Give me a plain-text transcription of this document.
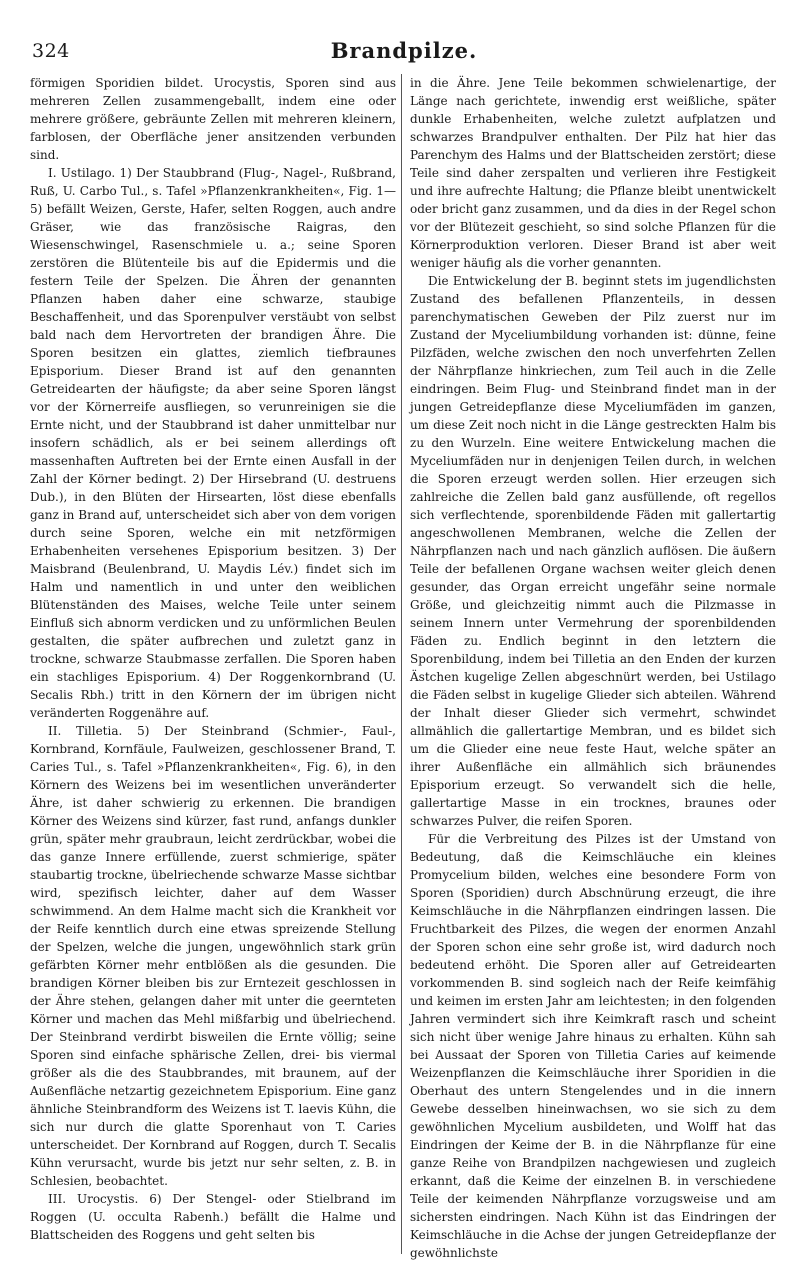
324	Brandpilze.

förmigen Sporidien bildet. Urocystis, Sporen sind aus mehreren Zellen zusammengeballt, indem eine oder mehrere größere, gebräunte Zellen mit mehreren kleinern, farblosen, der Oberfläche jener ansitzenden verbunden sind.

I. Ustilago. 1) Der Staubbrand (Flug-, Nagel-, Rußbrand, Ruß, U. Carbo Tul., s. Tafel »Pflanzenkrankheiten«, Fig. 1—5) befällt Weizen, Gerste, Hafer, selten Roggen, auch andre Gräser, wie das französische Raigras, den Wiesenschwingel, Rasenschmiele u. a.; seine Sporen zerstören die Blütenteile bis auf die Epidermis und die festern Teile der Spelzen. Die Ähren der genannten Pflanzen haben daher eine schwarze, staubige Beschaffenheit, und das Sporenpulver verstäubt von selbst bald nach dem Hervortreten der brandigen Ähre. Die Sporen besitzen ein glattes, ziemlich tiefbraunes Episporium. Dieser Brand ist auf den genannten Getreidearten der häufigste; da aber seine Sporen längst vor der Körnerreife ausfliegen, so verunreinigen sie die Ernte nicht, und der Staubbrand ist daher unmittelbar nur insofern schädlich, als er bei seinem allerdings oft massenhaften Auftreten bei der Ernte einen Ausfall in der Zahl der Körner bedingt. 2) Der Hirsebrand (U. destruens Dub.), in den Blüten der Hirsearten, löst diese ebenfalls ganz in Brand auf, unterscheidet sich aber von dem vorigen durch seine Sporen, welche ein mit netzförmigen Erhabenheiten versehenes Episporium besitzen. 3) Der Maisbrand (Beulenbrand, U. Maydis Lév.) findet sich im Halm und namentlich in und unter den weiblichen Blütenständen des Maises, welche Teile unter seinem Einfluß sich abnorm verdicken und zu unförmlichen Beulen gestalten, die später aufbrechen und zuletzt ganz in trockne, schwarze Staubmasse zerfallen. Die Sporen haben ein stachliges Episporium. 4) Der Roggenkornbrand (U. Secalis Rbh.) tritt in den Körnern der im übrigen nicht veränderten Roggenähre auf.

II. Tilletia. 5) Der Steinbrand (Schmier-, Faul-, Kornbrand, Kornfäule, Faulweizen, geschlossener Brand, T. Caries Tul., s. Tafel »Pflanzenkrankheiten«, Fig. 6), in den Körnern des Weizens bei im wesentlichen unveränderter Ähre, ist daher schwierig zu erkennen. Die brandigen Körner des Weizens sind kürzer, fast rund, anfangs dunkler grün, später mehr graubraun, leicht zerdrückbar, wobei die das ganze Innere erfüllende, zuerst schmierige, später staubartig trockne, übelriechende schwarze Masse sichtbar wird, spezifisch leichter, daher auf dem Wasser schwimmend. An dem Halme macht sich die Krankheit vor der Reife kenntlich durch eine etwas spreizende Stellung der Spelzen, welche die jungen, ungewöhnlich stark grün gefärbten Körner mehr entblößen als die gesunden. Die brandigen Körner bleiben bis zur Erntezeit geschlossen in der Ähre stehen, gelangen daher mit unter die geernteten Körner und machen das Mehl mißfarbig und übelriechend. Der Steinbrand verdirbt bisweilen die Ernte völlig; seine Sporen sind einfache sphärische Zellen, drei- bis viermal größer als die des Staubbrandes, mit braunem, auf der Außenfläche netzartig gezeichnetem Episporium. Eine ganz ähnliche Steinbrandform des Weizens ist T. laevis Kühn, die sich nur durch die glatte Sporenhaut von T. Caries unterscheidet. Der Kornbrand auf Roggen, durch T. Secalis Kühn verursacht, wurde bis jetzt nur sehr selten, z. B. in Schlesien, beobachtet.

III. Urocystis. 6) Der Stengel- oder Stielbrand im Roggen (U. occulta Rabenh.) befällt die Halme und Blattscheiden des Roggens und geht selten bis

in die Ähre. Jene Teile bekommen schwielenartige, der Länge nach gerichtete, inwendig erst weißliche, später dunkle Erhabenheiten, welche zuletzt aufplatzen und schwarzes Brandpulver enthalten. Der Pilz hat hier das Parenchym des Halms und der Blattscheiden zerstört; diese Teile sind daher zerspalten und verlieren ihre Festigkeit und ihre aufrechte Haltung; die Pflanze bleibt unentwickelt oder bricht ganz zusammen, und da dies in der Regel schon vor der Blütezeit geschieht, so sind solche Pflanzen für die Körnerproduktion verloren. Dieser Brand ist aber weit weniger häufig als die vorher genannten.

Die Entwickelung der B. beginnt stets im jugendlichsten Zustand des befallenen Pflanzenteils, in dessen parenchymatischen Geweben der Pilz zuerst nur im Zustand der Myceliumbildung vorhanden ist: dünne, feine Pilzfäden, welche zwischen den noch unverfehrten Zellen der Nährpflanze hinkriechen, zum Teil auch in die Zelle eindringen. Beim Flug- und Steinbrand findet man in der jungen Getreidepflanze diese Myceliumfäden im ganzen, um diese Zeit noch nicht in die Länge gestreckten Halm bis zu den Wurzeln. Eine weitere Entwickelung machen die Myceliumfäden nur in denjenigen Teilen durch, in welchen die Sporen erzeugt werden sollen. Hier erzeugen sich zahlreiche die Zellen bald ganz ausfüllende, oft regellos sich verflechtende, sporenbildende Fäden mit gallertartig angeschwollenen Membranen, welche die Zellen der Nährpflanzen nach und nach gänzlich auflösen. Die äußern Teile der befallenen Organe wachsen weiter gleich denen gesunder, das Organ erreicht ungefähr seine normale Größe, und gleichzeitig nimmt auch die Pilzmasse in seinem Innern unter Vermehrung der sporenbildenden Fäden zu. Endlich beginnt in den letztern die Sporenbildung, indem bei Tilletia an den Enden der kurzen Ästchen kugelige Zellen abgeschnürt werden, bei Ustilago die Fäden selbst in kugelige Glieder sich abteilen. Während der Inhalt dieser Glieder sich vermehrt, schwindet allmählich die gallertartige Membran, und es bildet sich um die Glieder eine neue feste Haut, welche später an ihrer Außenfläche ein allmählich sich bräunendes Episporium erzeugt. So verwandelt sich die helle, gallertartige Masse in ein trocknes, braunes oder schwarzes Pulver, die reifen Sporen.

Für die Verbreitung des Pilzes ist der Umstand von Bedeutung, daß die Keimschläuche ein kleines Promycelium bilden, welches eine besondere Form von Sporen (Sporidien) durch Abschnürung erzeugt, die ihre Keimschläuche in die Nährpflanzen eindringen lassen. Die Fruchtbarkeit des Pilzes, die wegen der enormen Anzahl der Sporen schon eine sehr große ist, wird dadurch noch bedeutend erhöht. Die Sporen aller auf Getreidearten vorkommenden B. sind sogleich nach der Reife keimfähig und keimen im ersten Jahr am leichtesten; in den folgenden Jahren vermindert sich ihre Keimkraft rasch und scheint sich nicht über wenige Jahre hinaus zu erhalten. Kühn sah bei Aussaat der Sporen von Tilletia Caries auf keimende Weizenpflanzen die Keimschläuche ihrer Sporidien in die Oberhaut des untern Stengelendes und in die innern Gewebe desselben hineinwachsen, wo sie sich zu dem gewöhnlichen Mycelium ausbildeten, und Wolff hat das Eindringen der Keime der B. in die Nährpflanze für eine ganze Reihe von Brandpilzen nachgewiesen und zugleich erkannt, daß die Keime der einzelnen B. in verschiedene Teile der keimenden Nährpflanze vorzugsweise und am sichersten eindringen. Nach Kühn ist das Eindringen der Keimschläuche in die Achse der jungen Getreidepflanze der gewöhnlichste
